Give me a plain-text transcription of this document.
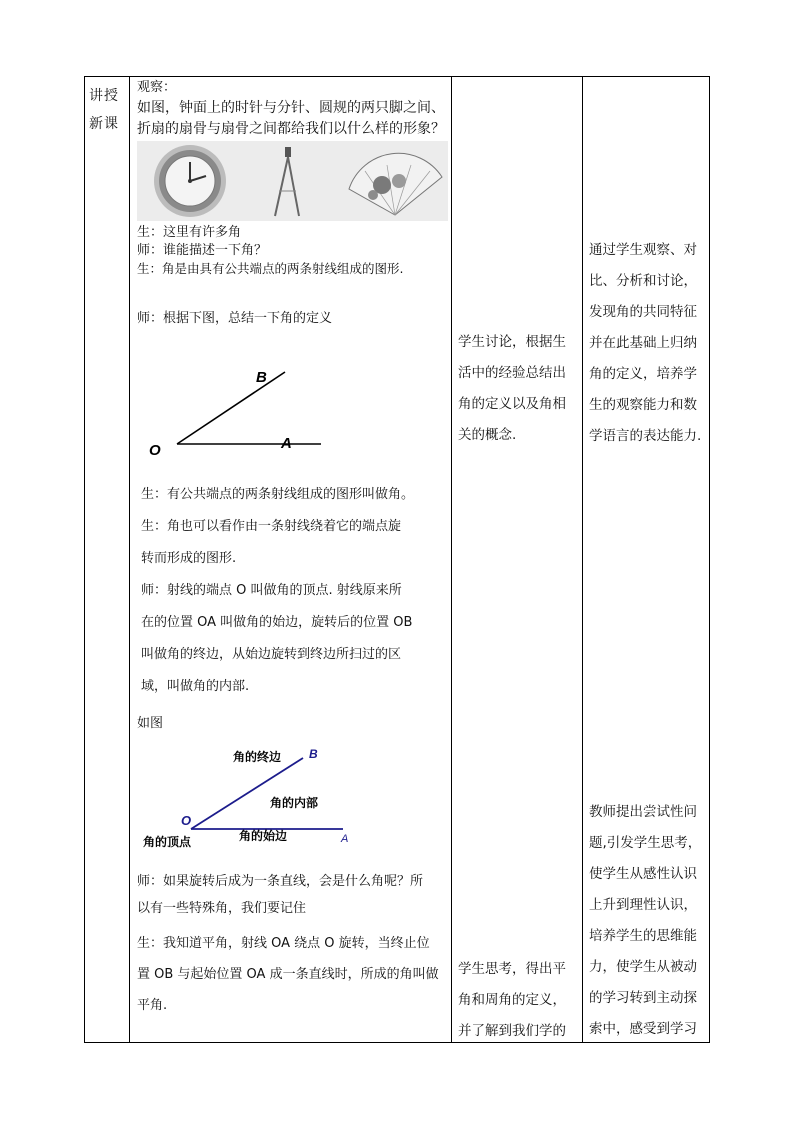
讲授新课
观察：
如图，钟面上的时针与分针、圆规的两只脚之间、折扇的扇骨与扇骨之间都给我们以什么样的形象？
生：这里有许多角
师：谁能描述一下角？
生：角是由具有公共端点的两条射线组成的图形.
师：根据下图，总结一下角的定义
B
A
O
生：有公共端点的两条射线组成的图形叫做角。
生：角也可以看作由一条射线绕着它的端点旋
转而形成的图形.
师：射线的端点 O 叫做角的顶点. 射线原来所
在的位置 OA 叫做角的始边，旋转后的位置 OB
叫做角的终边，从始边旋转到终边所扫过的区
域，叫做角的内部.
如图
角的终边 B
角的内部
O
角的始边	A
角的顶点
师：如果旋转后成为一条直线，会是什么角呢？所
以有一些特殊角，我们要记住
生：我知道平角，射线 OA 绕点 O 旋转，当终止位
置 OB 与起始位置 OA 成一条直线时，所成的角叫做
平角.
学生讨论，根据生
活中的经验总结出
角的定义以及角相
关的概念.
学生思考，得出平
角和周角的定义，
并了解到我们学的
通过学生观察、对
比、分析和讨论，
发现角的共同特征
并在此基础上归纳
角的定义，培养学
生的观察能力和数
学语言的表达能力.
教师提出尝试性问
题,引发学生思考，
使学生从感性认识
上升到理性认识，
培养学生的思维能
力，使学生从被动
的学习转到主动探
索中，感受到学习
